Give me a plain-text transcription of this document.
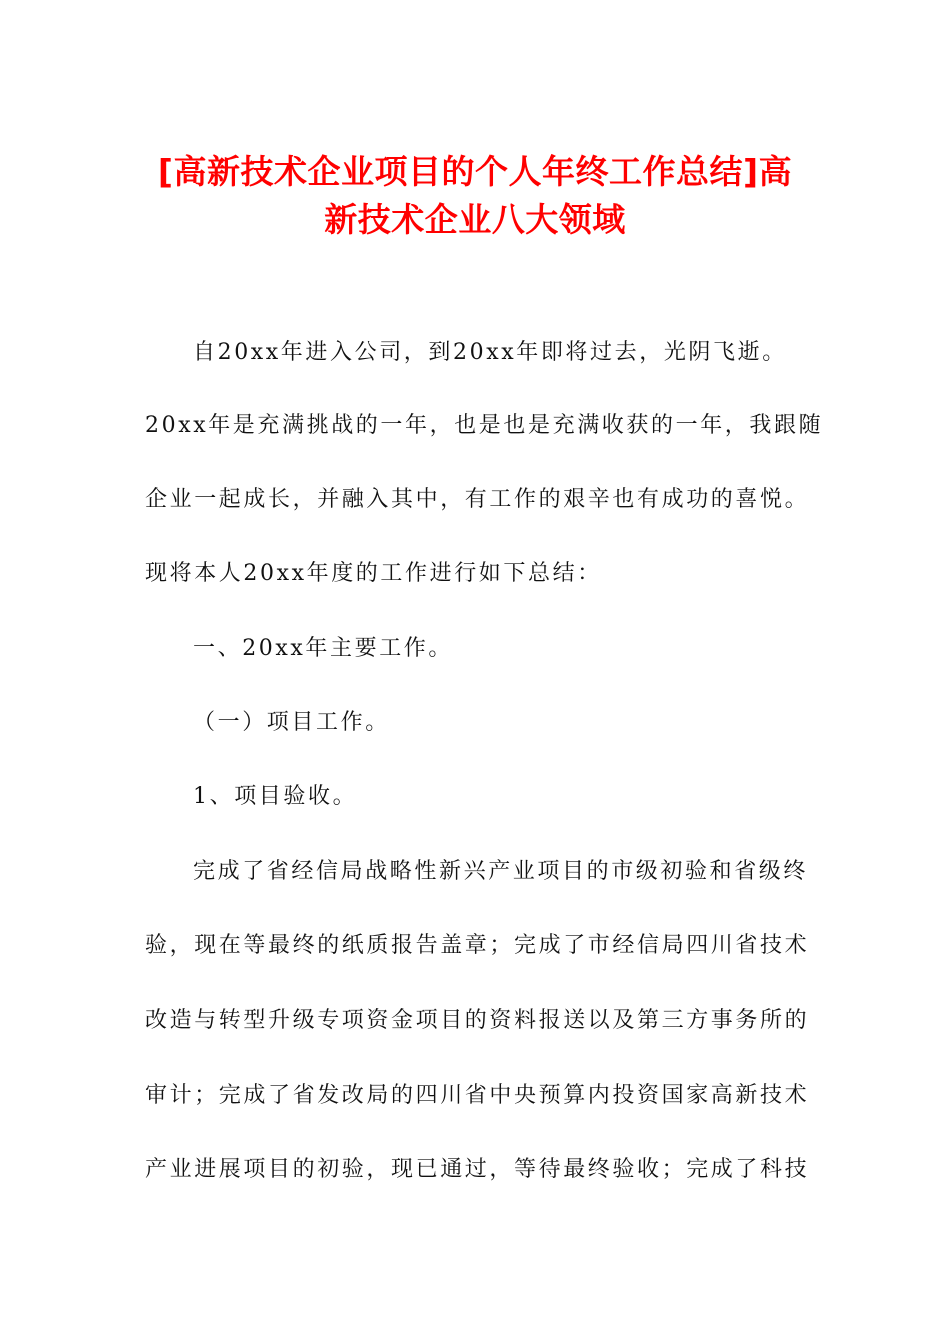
[高新技术企业项目的个人年终工作总结]高
新技术企业八大领域
自20xx年进入公司，到20xx年即将过去，光阴飞逝。
20xx年是充满挑战的一年，也是也是充满收获的一年，我跟随
企业一起成长，并融入其中，有工作的艰辛也有成功的喜悦。
现将本人20xx年度的工作进行如下总结：
一、20xx年主要工作。
（一）项目工作。
1、项目验收。
完成了省经信局战略性新兴产业项目的市级初验和省级终
验，现在等最终的纸质报告盖章；完成了市经信局四川省技术
改造与转型升级专项资金项目的资料报送以及第三方事务所的
审计；完成了省发改局的四川省中央预算内投资国家高新技术
产业进展项目的初验，现已通过，等待最终验收；完成了科技
